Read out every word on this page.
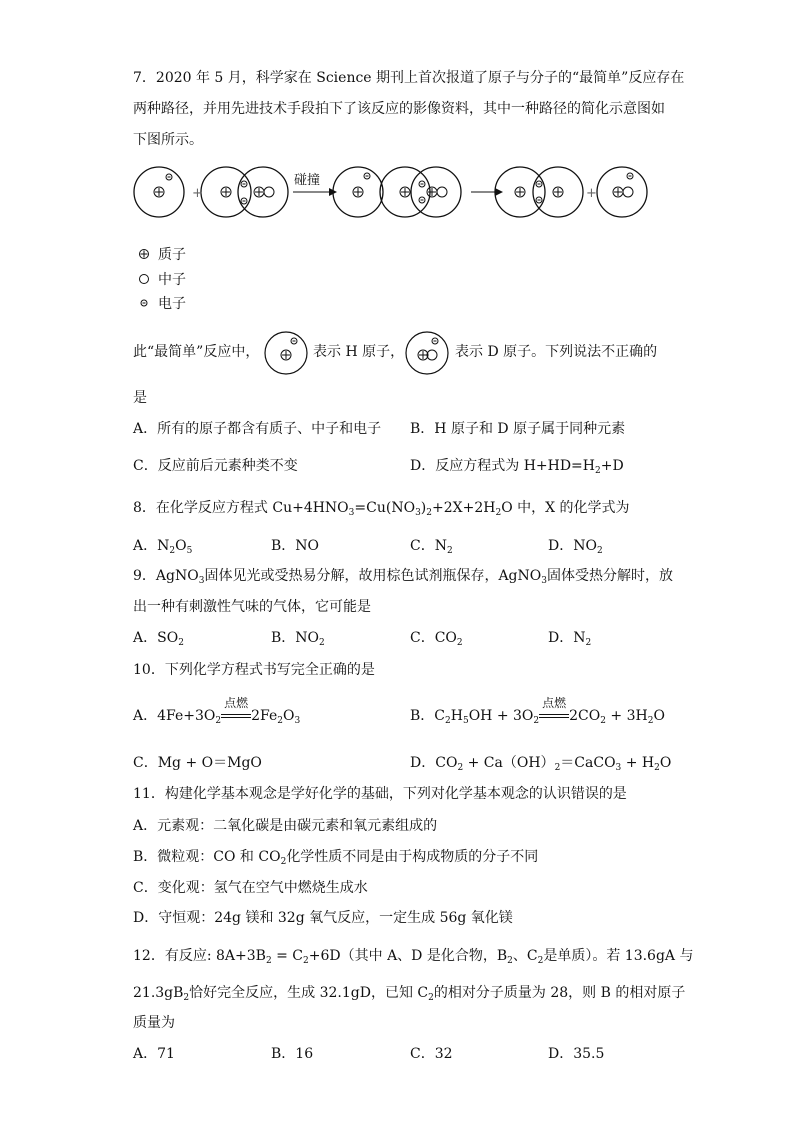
7．2020 年 5 月，科学家在 Science 期刊上首次报道了原子与分子的“最简单”反应存在
两种路径，并用先进技术手段拍下了该反应的影像资料，其中一种路径的简化示意图如
下图所示。
碰撞
+	+
质子
中子
电子
此“最简单”反应中，	表示 H 原子，	表示 D 原子。下列说法不正确的
是
A．所有的原子都含有质子、中子和电子 B．H 原子和 D 原子属于同种元素
C．反应前后元素种类不变	D．反应方程式为 $H+HD=H_2+D$
8．在化学反应方程式 $Cu+4HNO_3=Cu(NO_3)_2+2X+2H_2O$ 中，X 的化学式为
A．$N_2O_5$	B．NO	C．$N_2$	D．$NO_2$
9．AgNO$_3$固体见光或受热易分解，故用棕色试剂瓶保存，AgNO$_3$固体受热分解时，放
出一种有刺激性气味的气体，它可能是
A．$SO_2$	B．$NO_2$	C．$CO_2$	D．$N_2$
10．下列化学方程式书写完全正确的是
A．$4Fe+3O_2$
点燃
$2Fe_2O_3$	B．$C_2H_5OH + 3O_2$
点燃
$2CO_2 + 3H_2O$
C．Mg + O＝MgO	D．$CO_2$ + $Ca(OH)_2=CaCO_3 + H_2O$
11．构建化学基本观念是学好化学的基础，下列对化学基本观念的认识错误的是
A．元素观：二氧化碳是由碳元素和氧元素组成的
B．微粒观：CO 和 $CO_2$化学性质不同是由于构成物质的分子不同
C．变化观：氢气在空气中燃烧生成水
D．守恒观：24g 镁和 32g 氧气反应，一定生成 56g 氧化镁
12．有反应: $8A+3B_2 = C_2+6D$（其中 A、D 是化合物，$B_2$、$C_2$是单质）。若 13.6gA 与
$21.3gB_2$恰好完全反应，生成 32.1gD，已知 $C_2$的相对分子质量为 28，则 B 的相对原子
质量为
A．71	B．16	C．32	D．35.5
